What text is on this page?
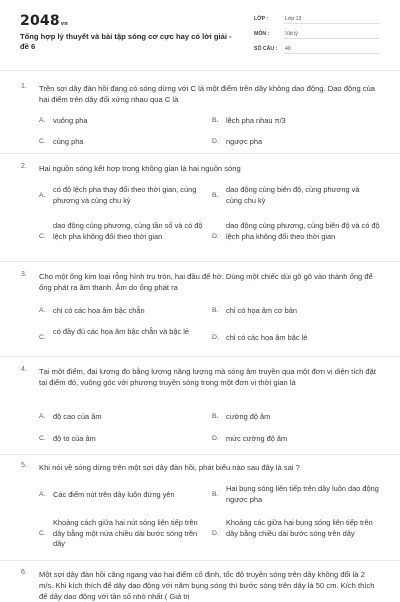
2048vn
Tổng hợp lý thuyết và bài tập sóng cơ cực hay có lời giải - đề 6
LỚP :	Lớp 12
MÔN :	Vật lý
SỐ CÂU : 40
1. Trên sợi dây đàn hồi đang có sóng dừng với C là một điểm trên dây không dao động. Dao động của hai điểm trên dây đối xứng nhau qua C là
A. vuông pha	B. lệch pha nhau π/3
C. cùng pha	D. ngược pha
2. Hai nguồn sóng kết hợp trong không gian là hai nguồn sóng
A.
có độ lệch pha thay đổi theo thời gian, cùng phương và cùng chu kỳ	B.
dao động cùng biên độ, cùng phương và cùng chu kỳ
C.
dao động cùng phương, cùng tần số và có độ lệch pha không đổi theo thời gian	D.
dao động cùng phương, cùng biên độ và có độ lệch pha không đổi theo thời gian
3. Cho một ống kim loại rỗng hình trụ tròn, hai đầu để hở. Dùng một chiếc dùi gõ gõ vào thành ống để ống phát ra âm thanh. Âm do ống phát ra
A. chỉ có các họa âm bậc chẵn	B. chỉ có họa âm cơ bản
C.
có đầy đủ các họa âm bậc chẵn và bậc lẻ
D. chỉ có các họa âm bậc lẻ
4. Tại một điểm, đại lượng đo bằng lượng năng lượng mà sóng âm truyền qua một đơn vị diện tích đặt tại điểm đó, vuông góc với phương truyền sóng trong một đơn vị thời gian là
A. độ cao của âm	B. cường độ âm
C. độ to của âm	D. mức cường độ âm
5. Khi nói về sóng dừng trên một sợi dây đàn hồi, phát biểu nào sau đây là sai ?
A. Các điểm nút trên dây luôn đứng yên	B.
Hai bụng sóng liên tiếp trên dây luôn dao động ngược pha
C.
Khoảng cách giữa hai nút sóng liên tiếp trên dây bằng một nửa chiều dài bước sóng trên dây
D.
Khoảng các giữa hai bụng sóng liên tiếp trên dây bằng chiều dài bước sóng trên dây
6. Một sợi dây đàn hồi căng ngang vào hai điểm cố định, tốc độ truyền sóng trên dây không đổi là 2 m/s. Khi kích thích để dây dao động với năm bụng sóng thì bước sóng trên dây là 50 cm. Kích thích để dây dao động với tần số nhỏ nhất ( Giá trị
